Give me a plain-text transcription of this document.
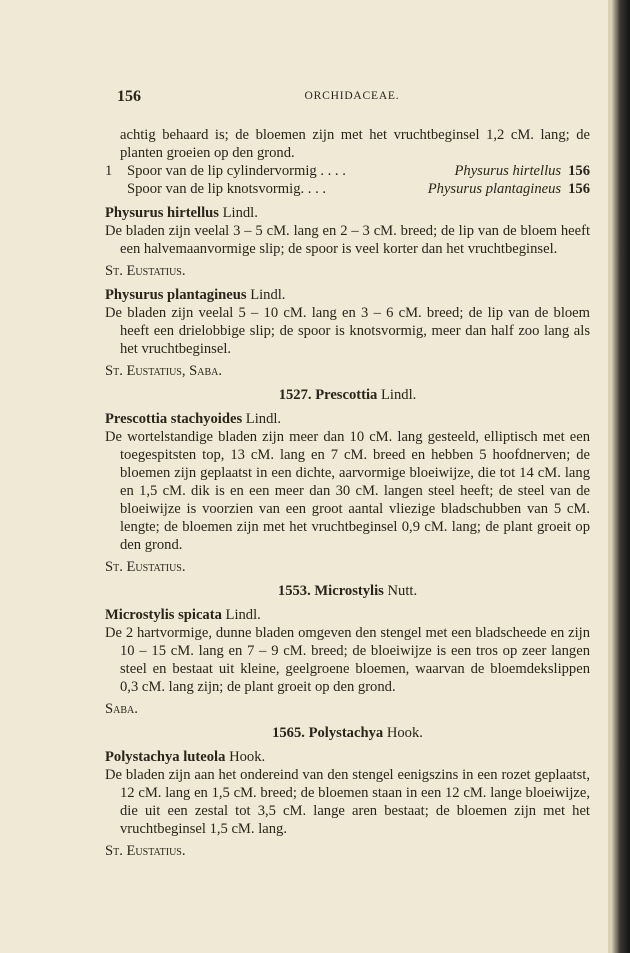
156	ORCHIDACEAE.

achtig behaard is; de bloemen zijn met het vruchtbeginsel 1,2 cM. lang; de planten groeien op den grond.

1 Spoor van de lip cylindervormig . . . .	Physurus hirtellus 156
Spoor van de lip knotsvormig. . . .	Physurus plantagineus 156
Physurus hirtellus Lindl.

De bladen zijn veelal 3 – 5 cM. lang en 2 – 3 cM. breed; de lip van de bloem heeft een halvemaanvormige slip; de spoor is veel korter dan het vruchtbeginsel.

St. Eustatius.
Physurus plantagineus Lindl.

De bladen zijn veelal 5 – 10 cM. lang en 3 – 6 cM. breed; de lip van de bloem heeft een drielobbige slip; de spoor is knotsvormig, meer dan half zoo lang als het vruchtbeginsel.

St. Eustatius, Saba.
1527. Prescottia Lindl.
Prescottia stachyoides Lindl.

De wortelstandige bladen zijn meer dan 10 cM. lang gesteeld, elliptisch met een toegespitsten top, 13 cM. lang en 7 cM. breed en hebben 5 hoofdnerven; de bloemen zijn geplaatst in een dichte, aarvormige bloeiwijze, die tot 14 cM. lang en 1,5 cM. dik is en een meer dan 30 cM. langen steel heeft; de steel van de bloeiwijze is voorzien van een groot aantal vliezige bladschubben van 5 cM. lengte; de bloemen zijn met het vruchtbeginsel 0,9 cM. lang; de plant groeit op den grond.

St. Eustatius.
1553. Microstylis Nutt.
Microstylis spicata Lindl.

De 2 hartvormige, dunne bladen omgeven den stengel met een bladscheede en zijn 10 – 15 cM. lang en 7 – 9 cM. breed; de bloeiwijze is een tros op zeer langen steel en bestaat uit kleine, geelgroene bloemen, waarvan de bloemdekslippen 0,3 cM. lang zijn; de plant groeit op den grond.

Saba.
1565. Polystachya Hook.
Polystachya luteola Hook.

De bladen zijn aan het ondereind van den stengel eenigszins in een rozet geplaatst, 12 cM. lang en 1,5 cM. breed; de bloemen staan in een 12 cM. lange bloeiwijze, die uit een zestal tot 3,5 cM. lange aren bestaat; de bloemen zijn met het vruchtbeginsel 1,5 cM. lang.

St. Eustatius.
